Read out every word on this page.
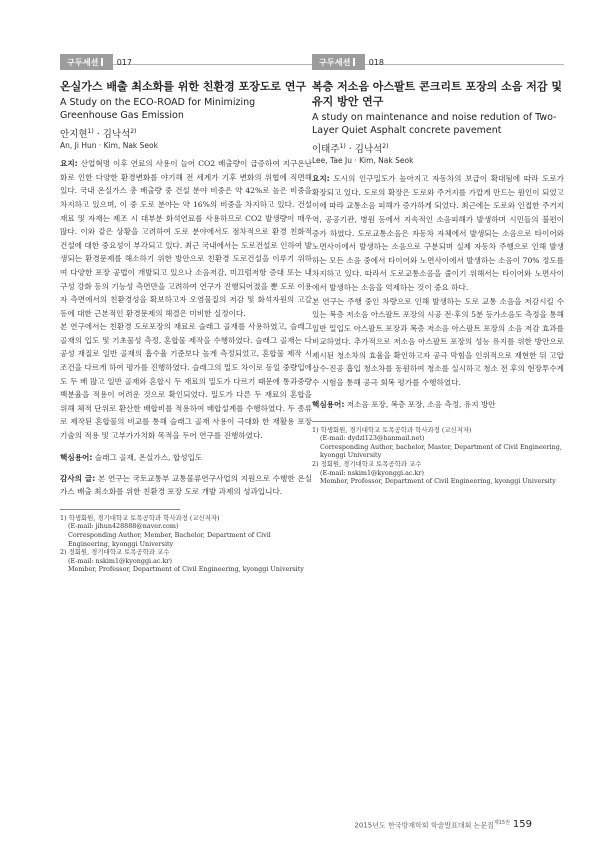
구두세션 017
온실가스 배출 최소화를 위한 친환경 포장도로 연구
A Study on the ECO-ROAD for Minimizing Greenhouse Gas Emission
안지현$^{1)}$ · 김낙석$^{2)}$
An, Ji Hun · Kim, Nak Seok

요지: 산업혁명 이후 연료의 사용이 늘어 CO2 배출량이 급증하여 지구온난화로 인한 다양한 환경변화를 야기해 전 세계가 기후 변화의 위협에 직면해 있다. 국내 온실가스 총 배출량 중 건설 분야 비중은 약 42%로 높은 비중을 차지하고 있으며, 이 중 도로 분야는 약 16%의 비중을 차지하고 있다. 건설재료 및 자재는 제조 시 대부분 화석연료를 사용하므로 CO2 발생량이 매우 많다. 이와 같은 상황을 고려하여 도로 분야에서도 점차적으로 환경 친화적 건설에 대한 중요성이 부각되고 있다. 최근 국내에서는 도로건설로 인하여 발생되는 환경문제를 해소하기 위한 방안으로 친환경 도로건설을 이루기 위하여 다양한 포장 공법이 개발되고 있으나 소음저감, 미끄럼저항 증대 또는 내구성 강화 등의 기능성 측면만을 고려하여 연구가 진행되어졌을 뿐 도로 이용자 측면에서의 친환경성을 확보하고자 오염물질의 저감 및 화석자원의 고갈 등에 대한 근본적인 환경문제의 해결은 미비한 실정이다.

본 연구에서는 친환경 도로포장의 재료로 슬래그 골재를 사용하였고, 슬래그 골재의 입도 및 기초물성 측정, 혼합물 제작을 수행하였다. 슬래그 골재는 다공성 재질로 일반 골재의 흡수율 기준보다 높게 측정되었고, 혼합물 제작 시 조건을 다르게 하여 평가를 진행하였다. 슬래그의 밀도 차이로 동일 중량입에도 두 배 많고 일반 골재와 혼합시 두 재료의 밀도가 다르기 때문에 통과중량백분율을 적용이 어려운 것으로 확인되었다. 밀도가 다른 두 재료의 혼합을 위해 체적 단위로 환산한 배합비를 적용하여 배합설계를 수행하였다. 두 종류로 제작된 혼합물의 비교를 통해 슬래그 골재 사용이 극대화 한 재활용 포장 기술의 적용 및 고부가가치화 목적을 두어 연구를 진행하였다.

핵심용어: 슬래그 골재, 온실가스, 합성입도
감사의 글: 본 연구는 국토교통부 교통물류연구사업의 지원으로 수행한 온실가스 배출 최소화를 위한 친환경 포장 도로 개발 과제의 성과입니다.

1) 학생회원, 경기대학교 토목공학과 학사과정 (교신저자)
(E-mail: jihun428888@naver.com)
Corresponding Author, Member, Bachelor, Department of Civil Engineering, kyonggi University

2) 정회원, 경기대학교 토목공학과 교수
(E-mail: nskim1@kyonggi.ac.kr)
Member, Professor, Department of Civil Engineering, kyonggi University

구두세션 018
복층 저소음 아스팔트 콘크리트 포장의 소음 저감 및 유지 방안 연구
A study on maintenance and noise redution of Two-Layer Quiet Asphalt concrete pavement
이태주$^{1)}$ · 김낙석$^{2)}$
Lee, Tae Ju · Kim, Nak Seok

요지: 도시의 인구밀도가 높아지고 자동차의 보급이 확대됨에 따라 도로가 확장되고 있다. 도로의 확장은 도로와 주거지를 가깝게 만드는 원인이 되었고 이에 따라 교통소음 피해가 증가하게 되었다. 최근에는 도로와 인접한 주거지역, 공공기관, 병원 등에서 지속적인 소음피해가 발생하며 시민들의 불편이 증가 하였다. 도로교통소음은 자동차 자체에서 발생되는 소음으로 타이어와 노면사이에서 발생하는 소음으로 구분되며 실제 자동차 주행으로 인해 발생하는 모든 소음 중에서 타이어와 노면사이에서 발생하는 소음이 70% 정도를 차지하고 있다. 따라서 도로교통소음을 줄이기 위해서는 타이어와 노면사이에서 발생하는 소음을 억제하는 것이 중요 하다.

본 연구는 주행 중인 차량으로 인해 발생하는 도로 교통 소음을 저감시킬 수 있는 복층 저소음 아스팔트 포장의 시공 전·후의 5분 등가소음도 측정을 통해 일반 밀입도 아스팔트 포장과 복층 저소음 아스팔트 포장의 소음 저감 효과를 비교하였다. 추가적으로 저소음 아스팔트 포장의 성능 유지를 위한 방안으로 제시된 청소차의 효율을 확인하고자 공극 막힘을 인위적으로 재현한 뒤 고압 살수·진공 흡입 청소차를 동원하여 청소를 실시하고 청소 전 후의 현장투수계수 시험을 통해 공극 회복 평가를 수행하였다.

핵심용어: 저소음 포장, 복층 포장, 소음 측정, 유지 방안

1) 학생회원, 경기대학교 토목공학과 학사과정 (교신저자)
(E-mail: dydzl123@hanmail.net)
Corresponding Author, bachelor, Master, Department of Civil Engineering, kyonggi University

2) 정회원, 경기대학교 토목공학과 교수
(E-mail: nskim1@kyonggi.ac.kr)
Member, Professor, Department of Civil Engineering, kyonggi University

2015년도 한국방재학회 학술발표대회 논문집$^{제15권}$ 159
